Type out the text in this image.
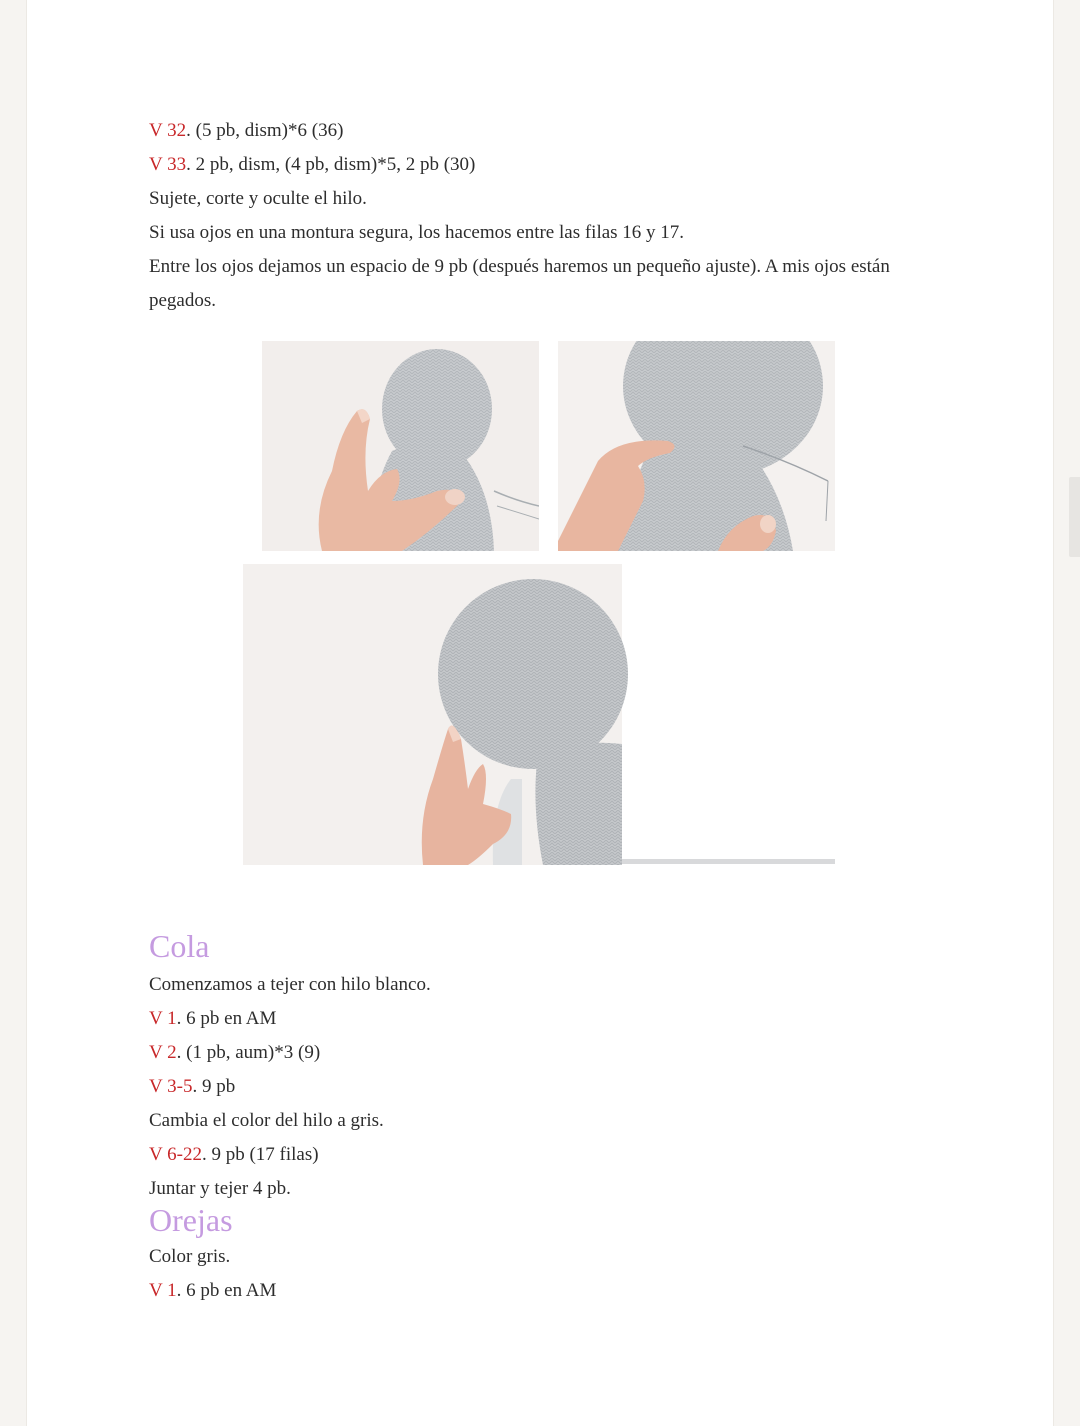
V 32. (5 pb, dism)*6 (36)

V 33. 2 pb, dism, (4 pb, dism)*5, 2 pb (30)

Sujete, corte y oculte el hilo.

Si usa ojos en una montura segura, los hacemos entre las filas 16 y 17.

Entre los ojos dejamos un espacio de 9 pb (después haremos un pequeño ajuste). A mis ojos están pegados.

Cola

Comenzamos a tejer con hilo blanco.

V 1. 6 pb en AM

V 2. (1 pb, aum)*3 (9)

V 3-5. 9 pb

Cambia el color del hilo a gris.

V 6-22. 9 pb (17 filas)

Juntar y tejer 4 pb.

Orejas

Color gris.

V 1. 6 pb en AM
